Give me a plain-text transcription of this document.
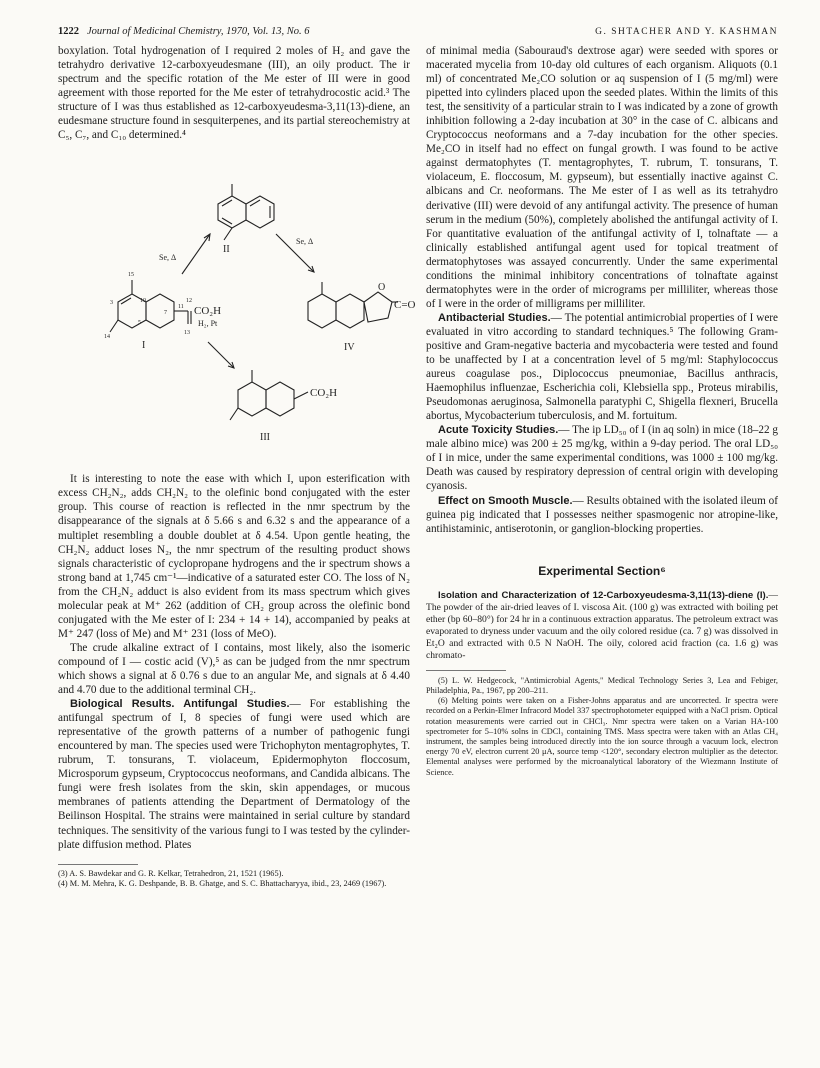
1222 Journal of Medicinal Chemistry, 1970, Vol. 13, No. 6	G. SHTACHER AND Y. KASHMAN

boxylation. Total hydrogenation of I required 2 moles of H₂ and gave the tetrahydro derivative 12-carboxyeudesmane (III), an oily product. The ir spectrum and the specific rotation of the Me ester of III were in good agreement with those reported for the Me ester of tetrahydrocostic acid.³ The structure of I was thus established as 12-carboxyeudesma-3,11(13)-diene, an eudesmane structure found in sesquiterpenes, and its partial stereochemistry at C₅, C₇, and C₁₀ determined.⁴

II
Se, Δ
Se, Δ
H₂, Pt
CO₂H
I
O
C=O
IV
CO₂H
III
15
10
5
7
11
13
14
3	12

It is interesting to note the ease with which I, upon esterification with excess CH₂N₂, adds CH₂N₂ to the olefinic bond conjugated with the ester group. This course of reaction is reflected in the nmr spectrum by the disappearance of the signals at δ 5.66 s and 6.32 s and the appearance of a multiplet resembling a double doublet at δ 4.54. Upon gentle heating, the CH₂N₂ adduct loses N₂, the nmr spectrum of the resulting product shows signals characteristic of cyclopropane hydrogens and the ir spectrum shows a strong band at 1,745 cm⁻¹—indicative of a saturated ester CO. The loss of N₂ from the CH₂N₂ adduct is also evident from its mass spectrum which gives molecular peak at M⁺ 262 (addition of CH₂ group across the olefinic bond conjugated with the Me ester of I: 234 + 14 + 14), accompanied by peaks at M⁺ 247 (loss of Me) and M⁺ 231 (loss of MeO).

The crude alkaline extract of I contains, most likely, also the isomeric compound of I — costic acid (V),⁵ as can be judged from the nmr spectrum which shows a signal at δ 0.76 s due to an angular Me, and signals at δ 4.40 and 4.70 due to the additional terminal CH₂.

Biological Results. Antifungal Studies.— For establishing the antifungal spectrum of I, 8 species of fungi were used which are representative of the growth patterns of a number of pathogenic fungi encountered by man. The species used were Trichophyton mentagrophytes, T. rubrum, T. tonsurans, T. violaceum, Epidermophyton floccosum, Microsporum gypseum, Cryptococcus neoformans, and Candida albicans. The fungi were fresh isolates from the skin, skin appendages, or mucous membranes of patients attending the Department of Dermatology of the Beilinson Hospital. The strains were maintained in serial culture by standard techniques. The sensitivity of the various fungi to I was tested by the cylinder-plate diffusion method. Plates

(3) A. S. Bawdekar and G. R. Kelkar, Tetrahedron, 21, 1521 (1965).
(4) M. M. Mehra, K. G. Deshpande, B. B. Ghatge, and S. C. Bhattacharyya, ibid., 23, 2469 (1967).

of minimal media (Sabouraud's dextrose agar) were seeded with spores or macerated mycelia from 10-day old cultures of each organism. Aliquots (0.1 ml) of concentrated Me₂CO solution or aq suspension of I (5 mg/ml) were pipetted into cylinders placed upon the seeded plates. Within the limits of this test, the sensitivity of a particular strain to I was indicated by a zone of growth inhibition following a 2-day incubation at 30° in the case of C. albicans and Cryptococcus neoformans and a 7-day incubation for the other species. Me₂CO in itself had no effect on fungal growth. I was found to be active against dermatophytes (T. mentagrophytes, T. rubrum, T. tonsurans, T. violaceum, E. floccosum, M. gypseum), but essentially inactive against C. albicans and Cr. neoformans. The Me ester of I as well as its tetrahydro derivative (III) were devoid of any antifungal activity. The presence of human serum in the medium (50%), completely abolished the antifungal activity of I. For quantitative evaluation of the antifungal activity of I, tolnaftate — a clinically established antifungal agent used for topical treatment of dermatophytoses was assayed concurrently. Under the same experimental conditions the minimal inhibitory concentrations of tolnaftate against dermatophytes were in the order of micrograms per milliliter, whereas those of I were in the order of milligrams per milliliter.

Antibacterial Studies.— The potential antimicrobial properties of I were evaluated in vitro according to standard techniques.⁵ The following Gram-positive and Gram-negative bacteria and mycobacteria were tested and found to be unaffected by I at a concentration level of 5 mg/ml: Staphylococcus aureus coagulase pos., Diplococcus pneumoniae, Bacillus anthracis, Haemophilus influenzae, Escherichia coli, Klebsiella spp., Proteus mirabilis, Pseudomonas aeruginosa, Salmonella paratyphi C, Shigella flexneri, Brucella abortus, Mycobacterium tuberculosis, and M. fortuitum.

Acute Toxicity Studies.— The ip LD₅₀ of I (in aq soln) in mice (18–22 g male albino mice) was 200 ± 25 mg/kg, within a 9-day period. The oral LD₅₀ of I in mice, under the same experimental conditions, was 1000 ± 100 mg/kg. Death was caused by respiratory depression of central origin with developing cyanosis.

Effect on Smooth Muscle.— Results obtained with the isolated ileum of guinea pig indicated that I possesses neither spasmogenic nor atropine-like, antihistaminic, antiserotonin, or ganglion-blocking properties.

Experimental Section⁶

Isolation and Characterization of 12-Carboxyeudesma-3,11(13)-diene (I).—The powder of the air-dried leaves of I. viscosa Ait. (100 g) was extracted with boiling pet ether (bp 60–80°) for 24 hr in a continuous extraction apparatus. The petroleum extract was evaporated to dryness under vacuum and the oily colored residue (ca. 7 g) was dissolved in Et₂O and extracted with 0.5 N NaOH. The oily, colored acid fraction (ca. 1.6 g) was chromato-

(5) L. W. Hedgecock, "Antimicrobial Agents," Medical Technology Series 3, Lea and Febiger, Philadelphia, Pa., 1967, pp 200–211.

(6) Melting points were taken on a Fisher-Johns apparatus and are uncorrected. Ir spectra were recorded on a Perkin-Elmer Infracord Model 337 spectrophotometer equipped with a NaCl prism. Optical rotation measurements were carried out in CHCl₃. Nmr spectra were taken on a Varian HA-100 spectrometer for 5–10% solns in CDCl₃ containing TMS. Mass spectra were taken with an Atlas CH₄ instrument, the samples being introduced directly into the ion source through a vacuum lock, electron energy 70 eV, electron current 20 μA, source temp <120°, secondary electron multiplier as the detector. Elemental analyses were performed by the microanalytical laboratory of the Wiezmann Institute of Science.
